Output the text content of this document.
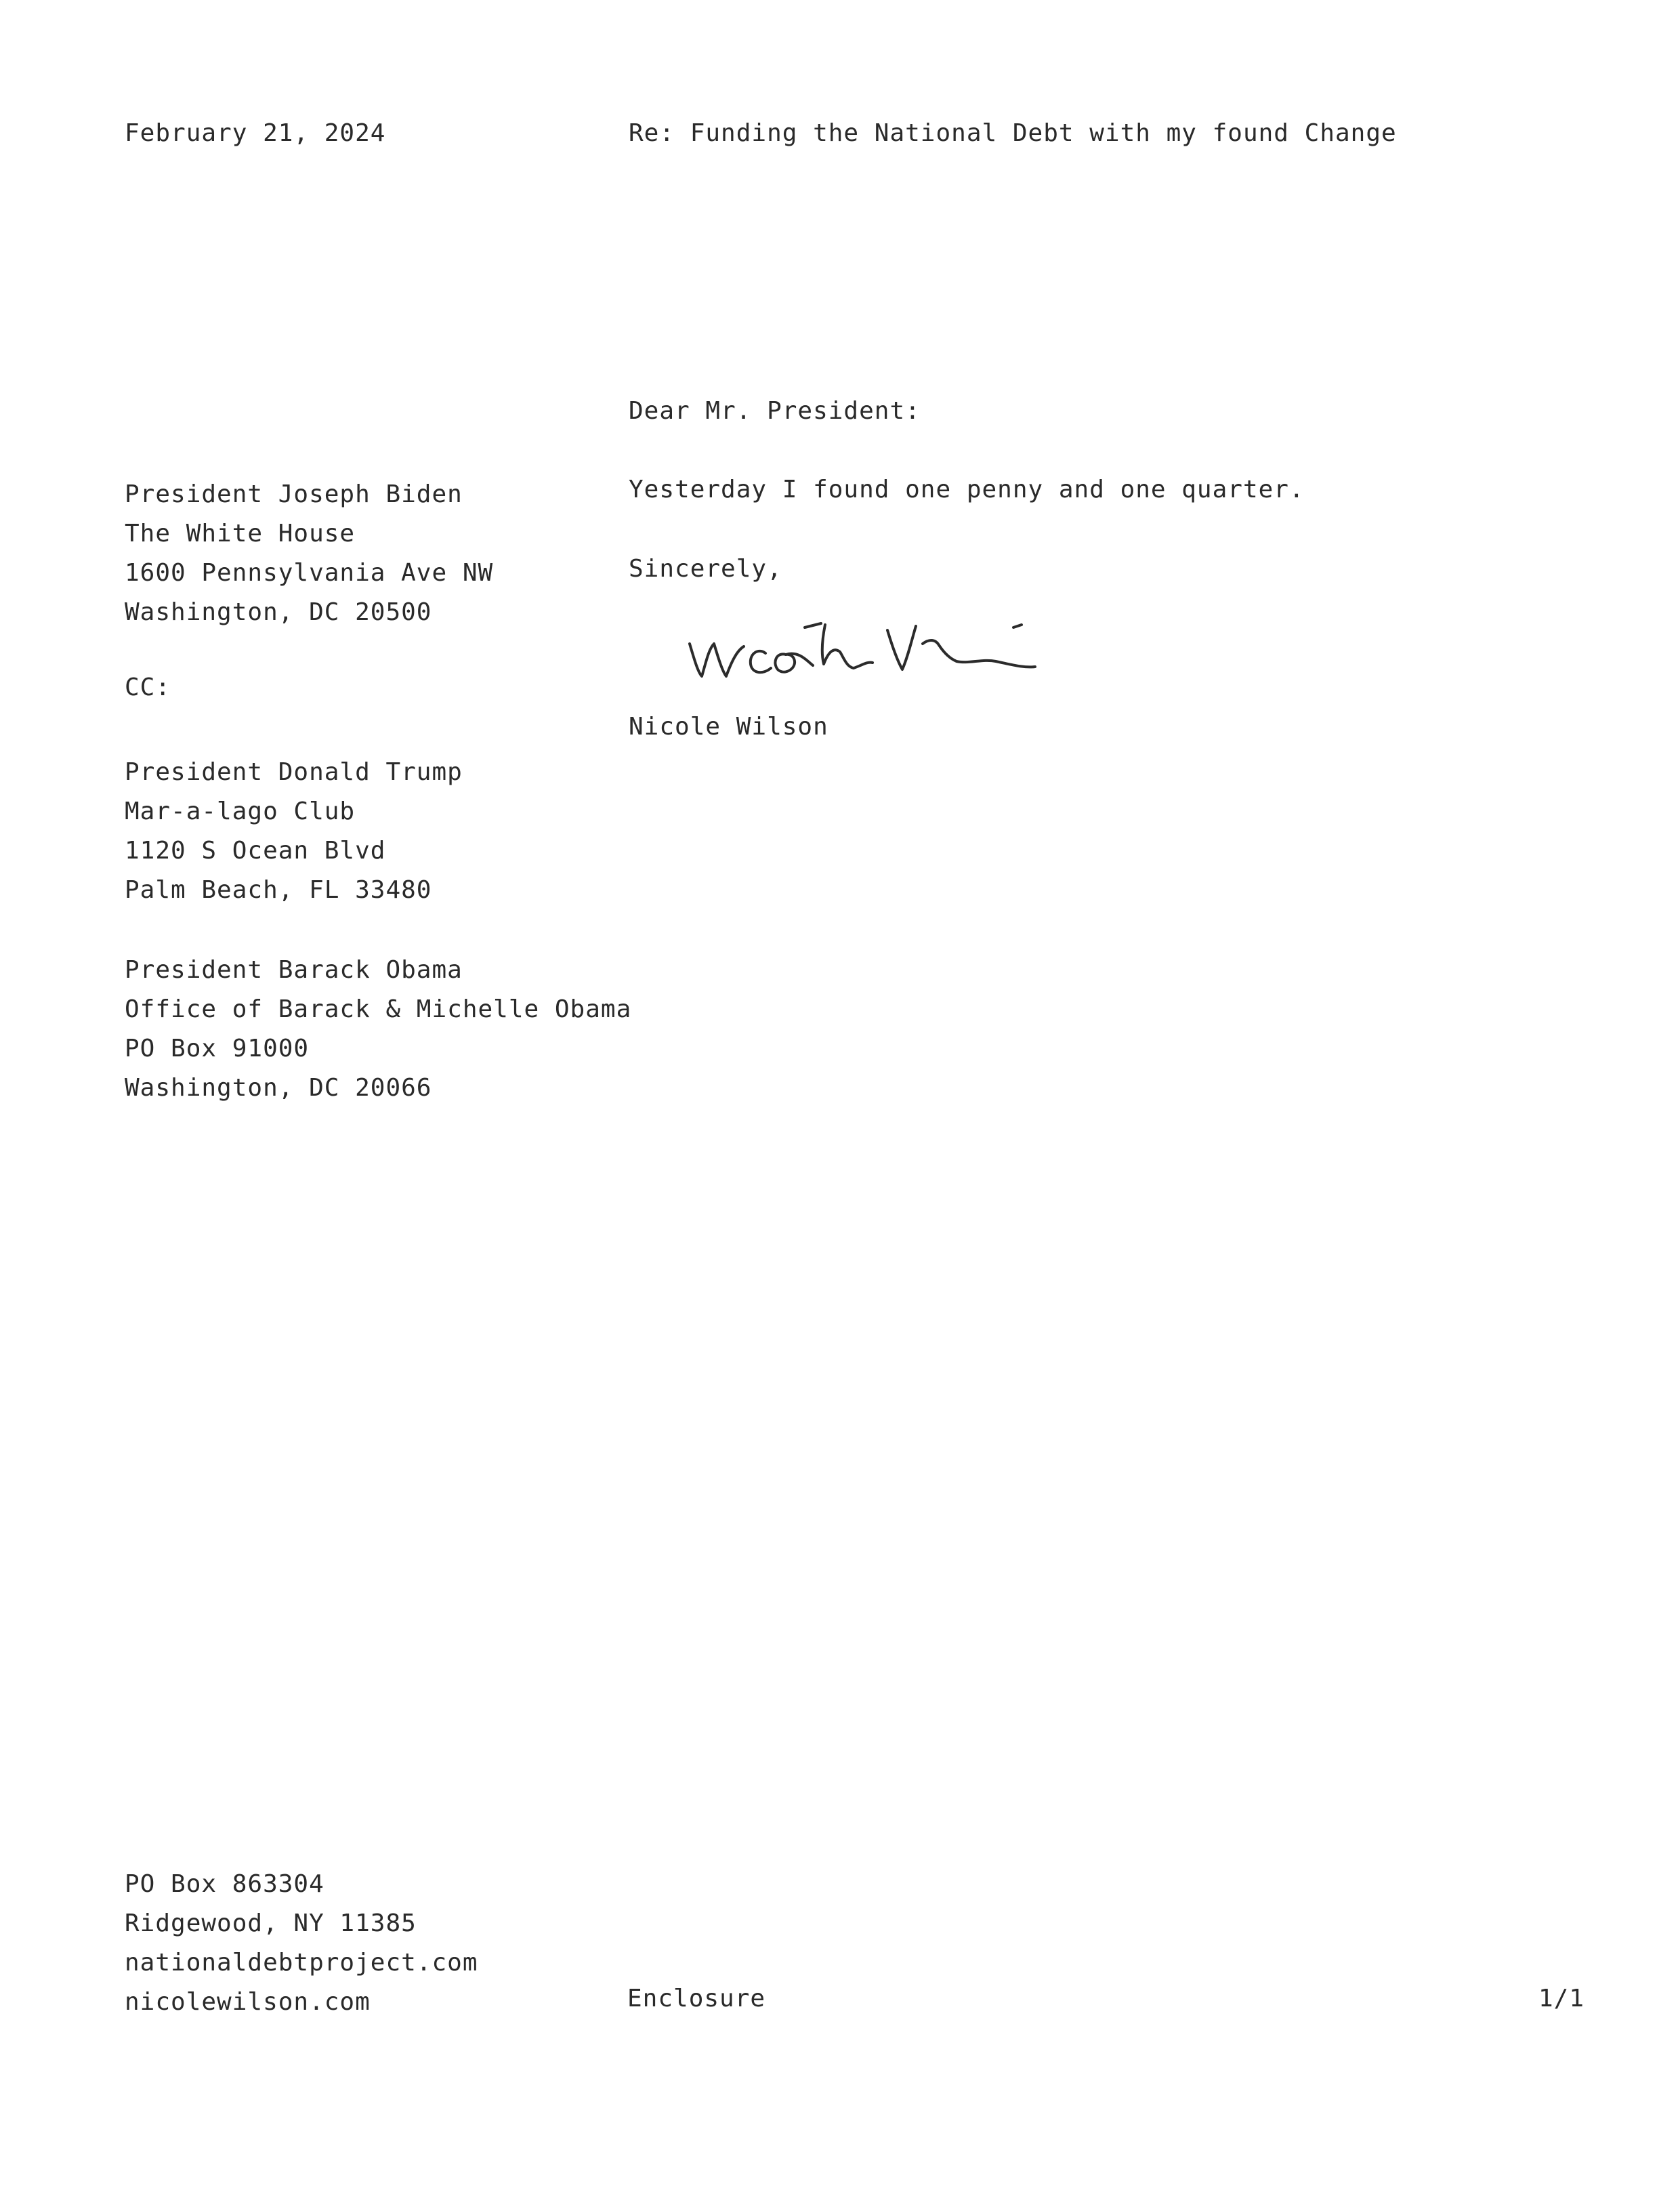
February 21, 2024	Re: Funding the National Debt with my found Change
Dear Mr. President:
Yesterday I found one penny and one quarter.
Sincerely,
Nicole Wilson
President Joseph Biden
The White House
1600 Pennsylvania Ave NW
Washington, DC 20500
CC:
President Donald Trump
Mar-a-lago Club
1120 S Ocean Blvd
Palm Beach, FL 33480
President Barack Obama
Office of Barack & Michelle Obama
PO Box 91000
Washington, DC 20066
PO Box 863304
Ridgewood, NY 11385
nationaldebtproject.com
nicolewilson.com	Enclosure	1/1
